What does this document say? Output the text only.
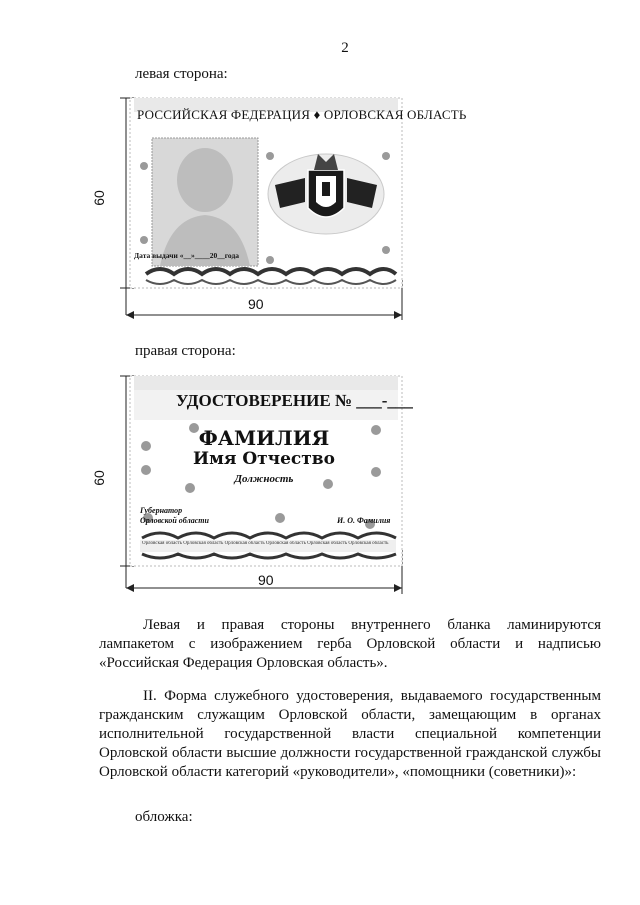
2
левая сторона:
РОССИЙСКАЯ ФЕДЕРАЦИЯ ♦ ОРЛОВСКАЯ ОБЛАСТЬ
Дата выдачи «__»____20__года
60
90
правая сторона:
УДОСТОВЕРЕНИЕ № ___-___
ФАМИЛИЯ
Имя Отчество
Должность
Губернатор
Орловской области	И. О. Фамилия
Орловская область Орловская область Орловская область Орловская область Орловская область Орловская область
60
90
Левая и правая стороны внутреннего бланка ламинируются лампакетом с изображением герба Орловской области и надписью «Российская Федерация Орловская область».
II. Форма служебного удостоверения, выдаваемого государственным гражданским служащим Орловской области, замещающим в органах исполнительной государственной власти специальной компетенции Орловской области высшие должности государственной гражданской службы Орловской области категорий «руководители», «помощники (советники)»:
обложка:
